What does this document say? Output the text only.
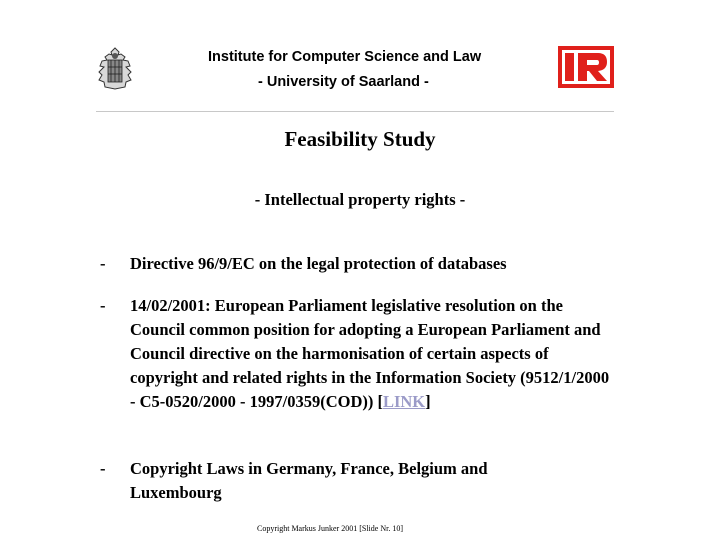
Institute for Computer Science and Law
- University of Saarland -
Feasibility Study
- Intellectual property rights -
- Directive 96/9/EC on the legal protection of databases
- 14/02/2001: European Parliament legislative resolution on the Council common position for adopting a European Parliament and Council directive on the harmonisation of certain aspects of copyright and related rights in the Information Society (9512/1/2000 - C5-0520/2000 - 1997/0359(COD)) [LINK]
- Copyright Laws in Germany, France, Belgium and Luxembourg
Copyright Markus Junker 2001 [Slide Nr. 10]
